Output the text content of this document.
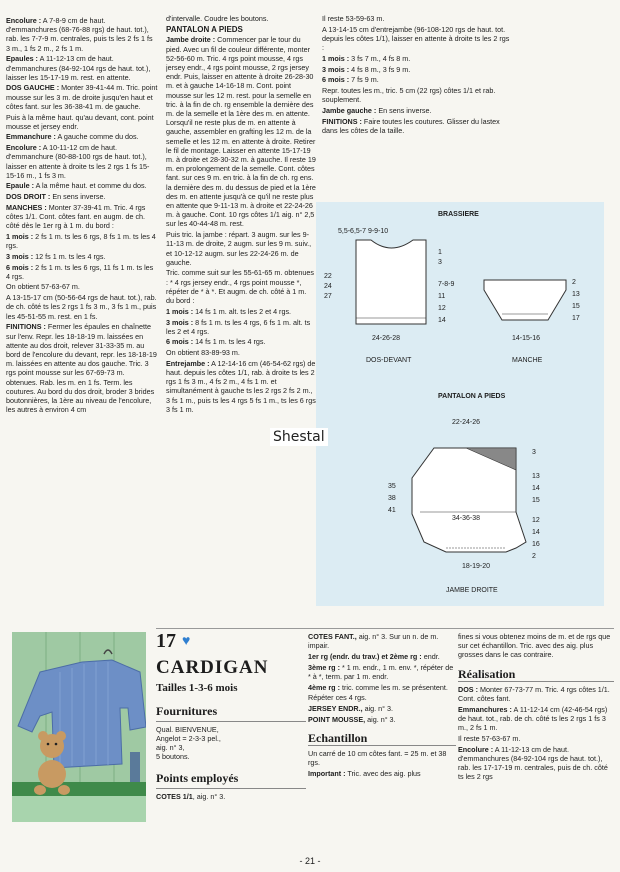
Encolure : A 7-8-9 cm de haut. d'emmanchures (68-76-88 rgs) de haut. tot.), rab. les 7-7-9 m. centrales, puis ts les 2 fs 1 fs 3 m., 1 fs 2 m., 2 fs 1 m.

Epaules : A 11-12-13 cm de haut. d'emmanchures (84-92-104 rgs de haut. tot.), laisser les 15-17-19 m. rest. en attente.

DOS GAUCHE : Monter 39-41-44 m. Tric. point mousse sur les 3 m. de droite jusqu'en haut et côtes fant. sur les 36-38-41 m. de gauche.

Puis à la même haut. qu'au devant, cont. point mousse et jersey endr.

Emmanchure : A gauche comme du dos.

Encolure : A 10-11-12 cm de haut. d'emmanchure (80-88-100 rgs de haut. tot.), laisser en attente à droite ts les 2 rgs 1 fs 15-15-16 m., 1 fs 3 m.

Epaule : A la même haut. et comme du dos.

DOS DROIT : En sens inverse.

MANCHES : Monter 37-39-41 m. Tric. 4 rgs côtes 1/1. Cont. côtes fant. en augm. de ch. côté dès le 1er rg à 1 m. du bord :

1 mois : 2 fs 1 m. ts les 6 rgs, 8 fs 1 m. ts les 4 rgs.

3 mois : 12 fs 1 m. ts les 4 rgs.

6 mois : 2 fs 1 m. ts les 6 rgs, 11 fs 1 m. ts les 4 rgs.

On obtient 57-63-67 m.

A 13-15-17 cm (50-56-64 rgs de haut. tot.), rab. de ch. côté ts les 2 rgs 1 fs 3 m., 3 fs 1 m., puis les 45-51-55 m. rest. en 1 fs.

FINITIONS : Fermer les épaules en chaînette sur l'env. Repr. les 18-18-19 m. laissées en attente au dos droit, relever 31-33-35 m. au bord de l'encolure du devant, repr. les 18-18-19 m. laissées en attente au dos gauche. Tric. 3 rgs point mousse sur les 67-69-73 m. obtenues. Rab. les m. en 1 fs. Term. les coutures. Au bord du dos droit, broder 3 brides boutonnières, la 1ère au niveau de l'encolure, les autres à environ 4 cm

d'intervalle. Coudre les boutons.

PANTALON A PIEDS

Jambe droite : Commencer par le tour du pied. Avec un fil de couleur différente, monter 52-56-60 m. Tric. 4 rgs point mousse, 4 rgs jersey endr., 4 rgs point mousse, 2 rgs jersey endr. Puis, laisser en attente à droite 26-28-30 m. et à gauche 14-16-18 m. Cont. point mousse sur les 12 m. rest. pour la semelle en tric. à la fin de ch. rg ensemble la dernière des m. de la semelle et la 1ère des m. en attente. Lorsqu'il ne reste plus de m. en attente à gauche, assembler en grafting les 12 m. de la semelle et les 12 m. en attente à droite. Retirer le fil de montage. Laisser en attente 15-17-19 m. à droite et 28-30-32 m. à gauche. Il reste 19 m. en prolongement de la semelle. Cont. côtes fant. sur ces 9 m. en tric. à la fin de ch. rg ens. la dernière des m. du dessus de pied et la 1ère des m. en attente jusqu'à ce qu'il ne reste plus en attente que 9-11-13 m. à droite et 22-24-26 m. à gauche. Cont. 10 rgs côtes 1/1 aig. n° 2,5 sur les 40-44-48 m. rest.

Puis tric. la jambe : répart. 3 augm. sur les 9-11-13 m. de droite, 2 augm. sur les 9 m. suiv., et 10-12-12 augm. sur les 22-24-26 m. de gauche.

Tric. comme suit sur les 55-61-65 m. obtenues : * 4 rgs jersey endr., 4 rgs point mousse *, répéter de * à *. Et augm. de ch. côté à 1 m. du bord :

1 mois : 14 fs 1 m. alt. ts les 2 et 4 rgs.

3 mois : 8 fs 1 m. ts les 4 rgs, 6 fs 1 m. alt. ts les 2 et 4 rgs.

6 mois : 14 fs 1 m. ts les 4 rgs.

On obtient 83-89-93 m.

Entrejambe : A 12-14-16 cm (46-54-62 rgs) de haut. depuis les côtes 1/1, rab. à droite ts les 2 rgs 1 fs 3 m., 4 fs 2 m., 4 fs 1 m. et simultanément à gauche ts les 2 rgs 2 fs 2 m., 3 fs 1 m., puis ts les 4 rgs 5 fs 1 m., ts les 6 rgs 3 fs 1 m.

Il reste 53-59-63 m.

A 13-14-15 cm d'entrejambe (96-108-120 rgs de haut. tot. depuis les côtes 1/1), laisser en attente à droite ts les 2 rgs :

1 mois : 3 fs 7 m., 4 fs 8 m.

3 mois : 4 fs 8 m., 3 fs 9 m.

6 mois : 7 fs 9 m.

Repr. toutes les m., tric. 5 cm (22 rgs) côtes 1/1 et rab. souplement.

Jambe gauche : En sens inverse.

FINITIONS : Faire toutes les coutures. Glisser du lastex dans les côtes de la taille.

BRASSIERE
5,5-6,5-7 9-9-10
22
24
27
1
3
7-8-9
11
12
14
24-26-28
DOS-DEVANT
2
13
15
17
14-15-16
MANCHE
PANTALON A PIEDS
22-24-26
35
38
41
3
13
14
15
12
14
16
2
34-36-38
18-19-20
JAMBE DROITE
Shestal
17 ♥
CARDIGAN
Tailles 1-3-6 mois
Fournitures
Qual. BIENVENUE,
Angelot = 2-3-3 pel.,
aig. n° 3,
5 boutons.
Points employés
COTES 1/1, aig. n° 3.

COTES FANT., aig. n° 3. Sur un n. de m. impair.

1er rg (endr. du trav.) et 2ème rg : endr.

3ème rg : * 1 m. endr., 1 m. env. *, répéter de * à *, term. par 1 m. endr.

4ème rg : tric. comme les m. se présentent.

Répéter ces 4 rgs.

JERSEY ENDR., aig. n° 3.

POINT MOUSSE, aig. n° 3.

Echantillon

Un carré de 10 cm côtes fant. = 25 m. et 38 rgs.

Important : Tric. avec des aig. plus

fines si vous obtenez moins de m. et de rgs que sur cet échantillon. Tric. avec des aig. plus grosses dans le cas contraire.

Réalisation

DOS : Monter 67-73-77 m. Tric. 4 rgs côtes 1/1. Cont. côtes fant.

Emmanchures : A 11-12-14 cm (42-46-54 rgs) de haut. tot., rab. de ch. côté ts les 2 rgs 1 fs 3 m., 2 fs 1 m.

Il reste 57-63-67 m.

Encolure : A 11-12-13 cm de haut. d'emmanchures (84-92-104 rgs de haut. tot.), rab. les 17-17-19 m. centrales, puis de ch. côté ts les 2 rgs

- 21 -
